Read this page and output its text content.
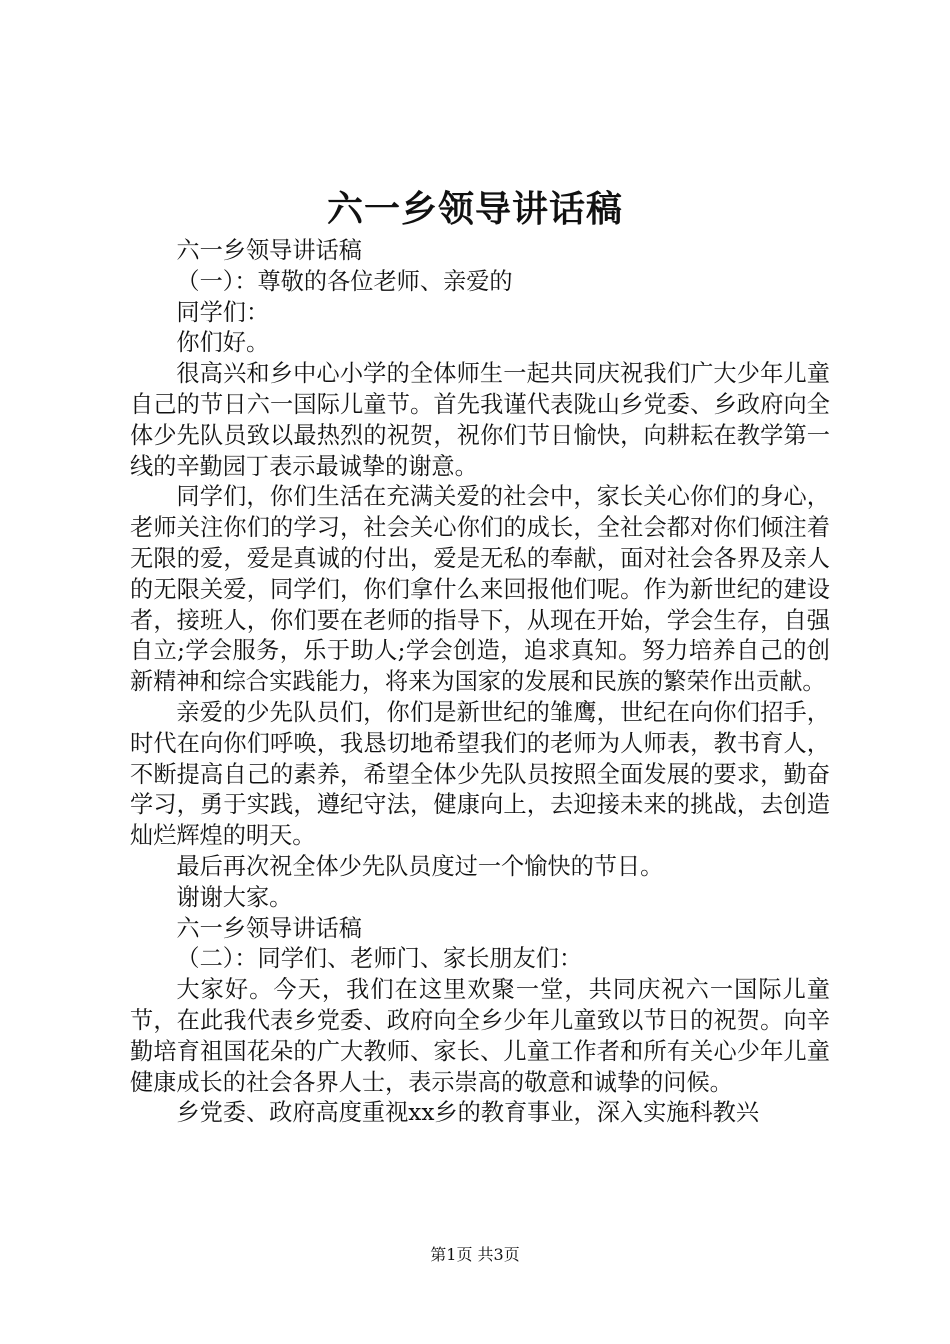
六一乡领导讲话稿

六一乡领导讲话稿

（一）：尊敬的各位老师、亲爱的

同学们：

你们好。

很高兴和乡中心小学的全体师生一起共同庆祝我们广大少年儿童自己的节日六一国际儿童节。首先我谨代表陇山乡党委、乡政府向全体少先队员致以最热烈的祝贺，祝你们节日愉快，向耕耘在教学第一线的辛勤园丁表示最诚挚的谢意。

同学们，你们生活在充满关爱的社会中，家长关心你们的身心，老师关注你们的学习，社会关心你们的成长，全社会都对你们倾注着无限的爱，爱是真诚的付出，爱是无私的奉献，面对社会各界及亲人的无限关爱，同学们，你们拿什么来回报他们呢。作为新世纪的建设者，接班人，你们要在老师的指导下，从现在开始，学会生存，自强自立;学会服务，乐于助人;学会创造，追求真知。努力培养自己的创新精神和综合实践能力，将来为国家的发展和民族的繁荣作出贡献。

亲爱的少先队员们，你们是新世纪的雏鹰，世纪在向你们招手，时代在向你们呼唤，我恳切地希望我们的老师为人师表，教书育人，不断提高自己的素养，希望全体少先队员按照全面发展的要求，勤奋学习，勇于实践，遵纪守法，健康向上，去迎接未来的挑战，去创造灿烂辉煌的明天。

最后再次祝全体少先队员度过一个愉快的节日。

谢谢大家。

六一乡领导讲话稿

（二）：同学们、老师门、家长朋友们：

大家好。今天，我们在这里欢聚一堂，共同庆祝六一国际儿童节，在此我代表乡党委、政府向全乡少年儿童致以节日的祝贺。向辛勤培育祖国花朵的广大教师、家长、儿童工作者和所有关心少年儿童健康成长的社会各界人士，表示崇高的敬意和诚挚的问候。

乡党委、政府高度重视xx乡的教育事业，深入实施科教兴

第1页 共3页
